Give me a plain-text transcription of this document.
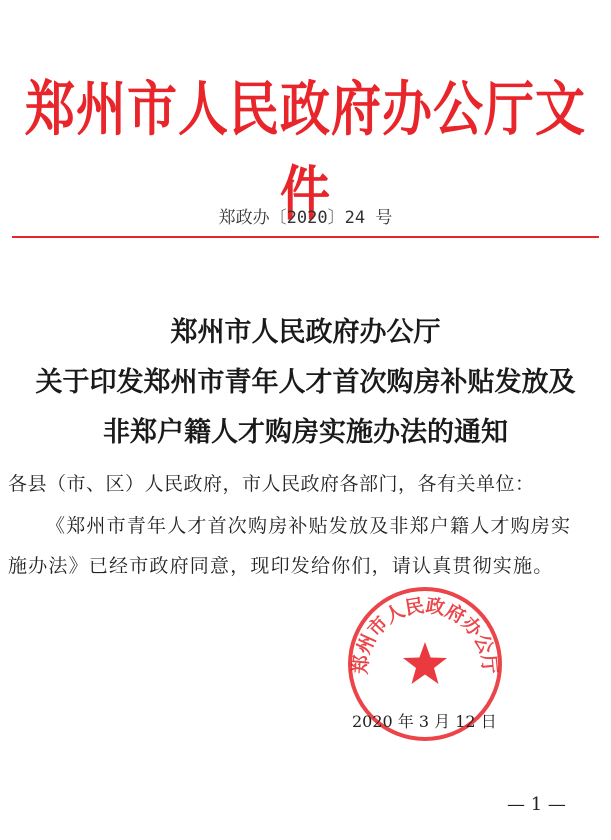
郑州市人民政府办公厅文件
郑政办〔2020〕24 号
郑州市人民政府办公厅
关于印发郑州市青年人才首次购房补贴发放及
非郑户籍人才购房实施办法的通知
各县（市、区）人民政府，市人民政府各部门，各有关单位：
《郑州市青年人才首次购房补贴发放及非郑户籍人才购房实
施办法》已经市政府同意，现印发给你们，请认真贯彻实施。
郑州市人民政府办公厅
2020 年 3 月 12 日
— 1 —
